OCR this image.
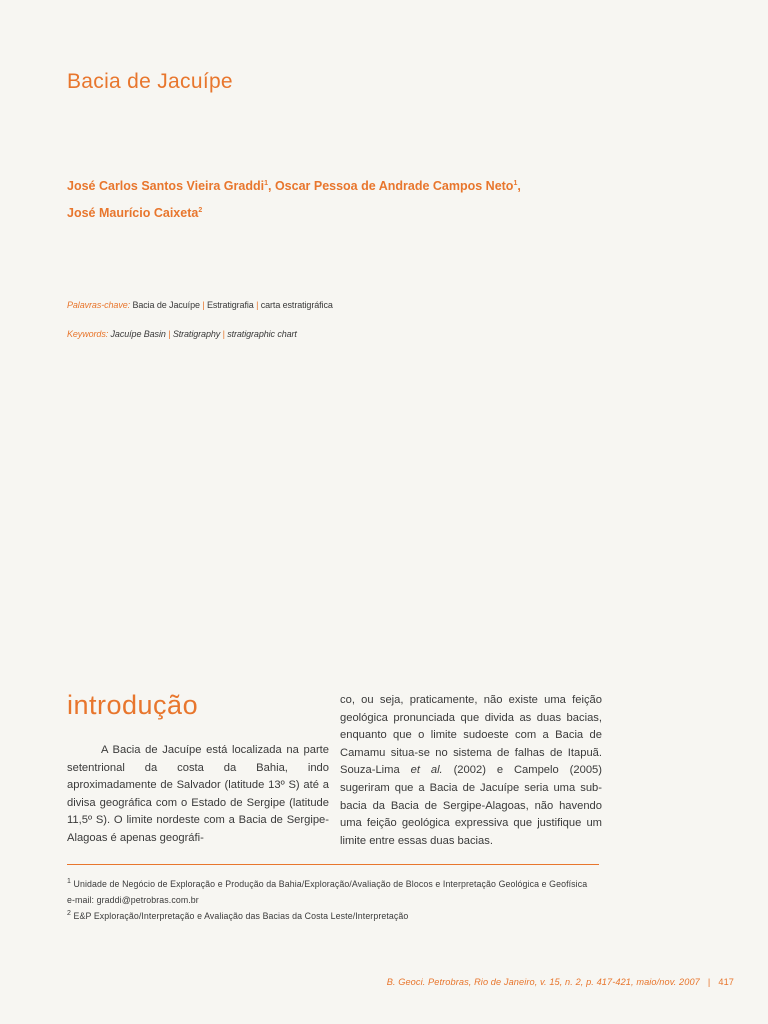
Bacia de Jacuípe
José Carlos Santos Vieira Graddi$^1$, Oscar Pessoa de Andrade Campos Neto$^1$,
José Maurício Caixeta$^2$
Palavras-chave: Bacia de Jacuípe | Estratigrafia | carta estratigráfica
Keywords: Jacuípe Basin | Stratigraphy | stratigraphic chart
introdução

A Bacia de Jacuípe está localizada na parte setentrional da costa da Bahia, indo aproximadamente de Salvador (latitude 13º S) até a divisa geográfica com o Estado de Sergipe (latitude 11,5º S). O limite nordeste com a Bacia de Sergipe-Alagoas é apenas geográfi-

co, ou seja, praticamente, não existe uma feição geológica pronunciada que divida as duas bacias, enquanto que o limite sudoeste com a Bacia de Camamu situa-se no sistema de falhas de Itapuã. Souza-Lima et al. (2002) e Campelo (2005) sugeriram que a Bacia de Jacuípe seria uma sub-bacia da Bacia de Sergipe-Alagoas, não havendo uma feição geológica expressiva que justifique um limite entre essas duas bacias.

$^1$ Unidade de Negócio de Exploração e Produção da Bahia/Exploração/Avaliação de Blocos e Interpretação Geológica e Geofísica
e-mail: graddi@petrobras.com.br
$^2$ E&P Exploração/Interpretação e Avaliação das Bacias da Costa Leste/Interpretação
B. Geoci. Petrobras, Rio de Janeiro, v. 15, n. 2, p. 417-421, maio/nov. 2007 | 417
